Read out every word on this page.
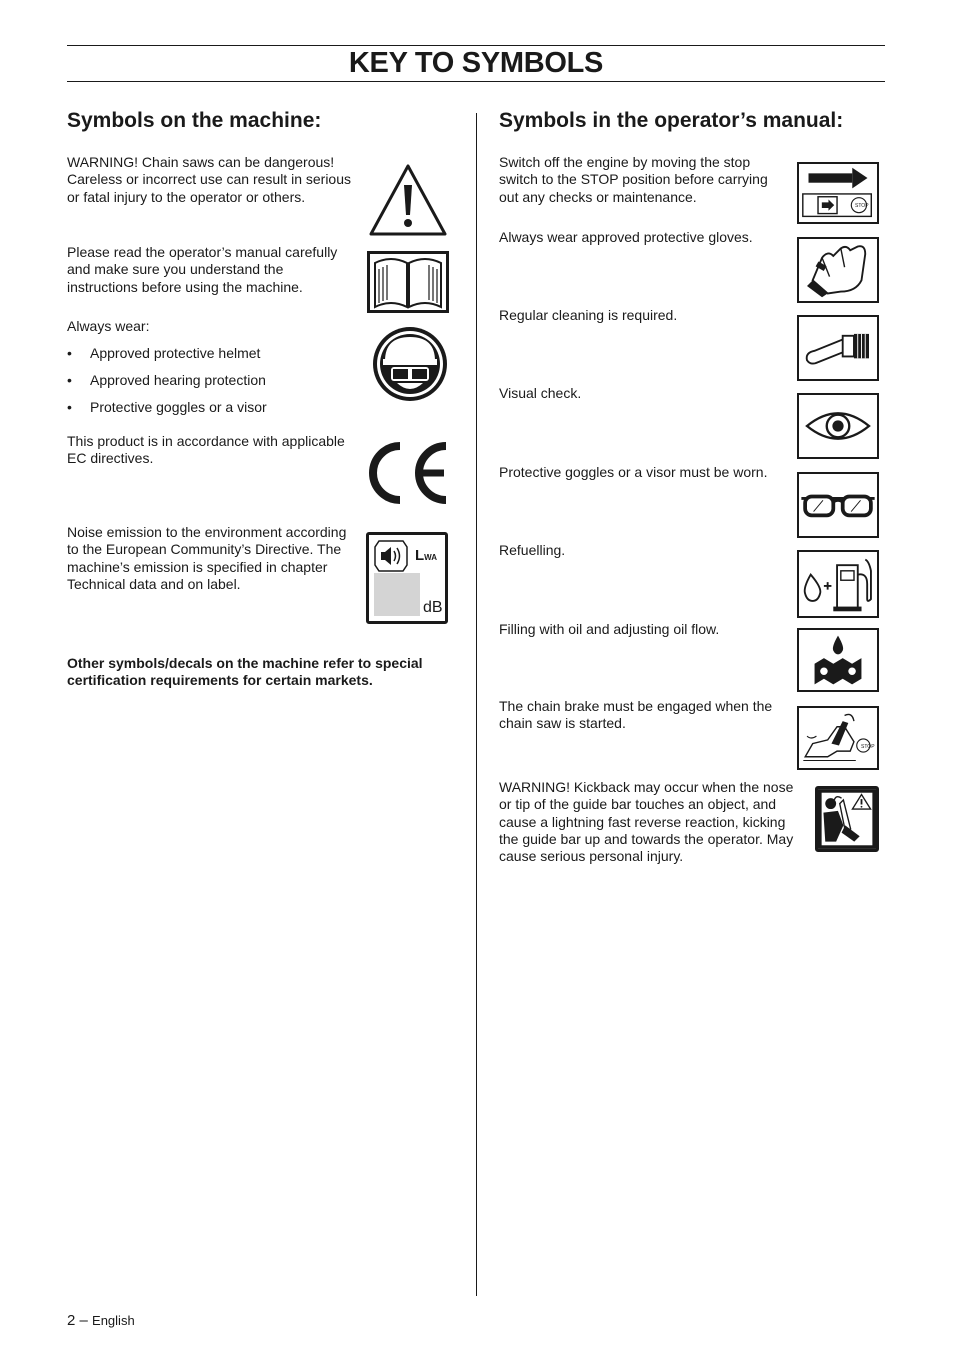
KEY TO SYMBOLS
Symbols on the machine:

WARNING! Chain saws can be dangerous! Careless or incorrect use can result in serious or fatal injury to the operator or others.

Please read the operator’s manual carefully and make sure you understand the instructions before using the machine.

Always wear:

• Approved protective helmet
• Approved hearing protection
• Protective goggles or a visor

This product is in accordance with applicable EC directives.

Noise emission to the environment according to the European Community’s Directive. The machine’s emission is specified in chapter Technical data and on label.

LWA
dB

Other symbols/decals on the machine refer to special certification requirements for certain markets.

Symbols in the operator’s manual:

Switch off the engine by moving the stop switch to the STOP position before carrying out any checks or maintenance.

STOP

Always wear approved protective gloves.

Regular cleaning is required.

Visual check.

Protective goggles or a visor must be worn.

Refuelling.

Filling with oil and adjusting oil flow.

The chain brake must be engaged when the chain saw is started.

STOP

WARNING! Kickback may occur when the nose or tip of the guide bar touches an object, and cause a lightning fast reverse reaction, kicking the guide bar up and towards the operator. May cause serious personal injury.

2 – English
